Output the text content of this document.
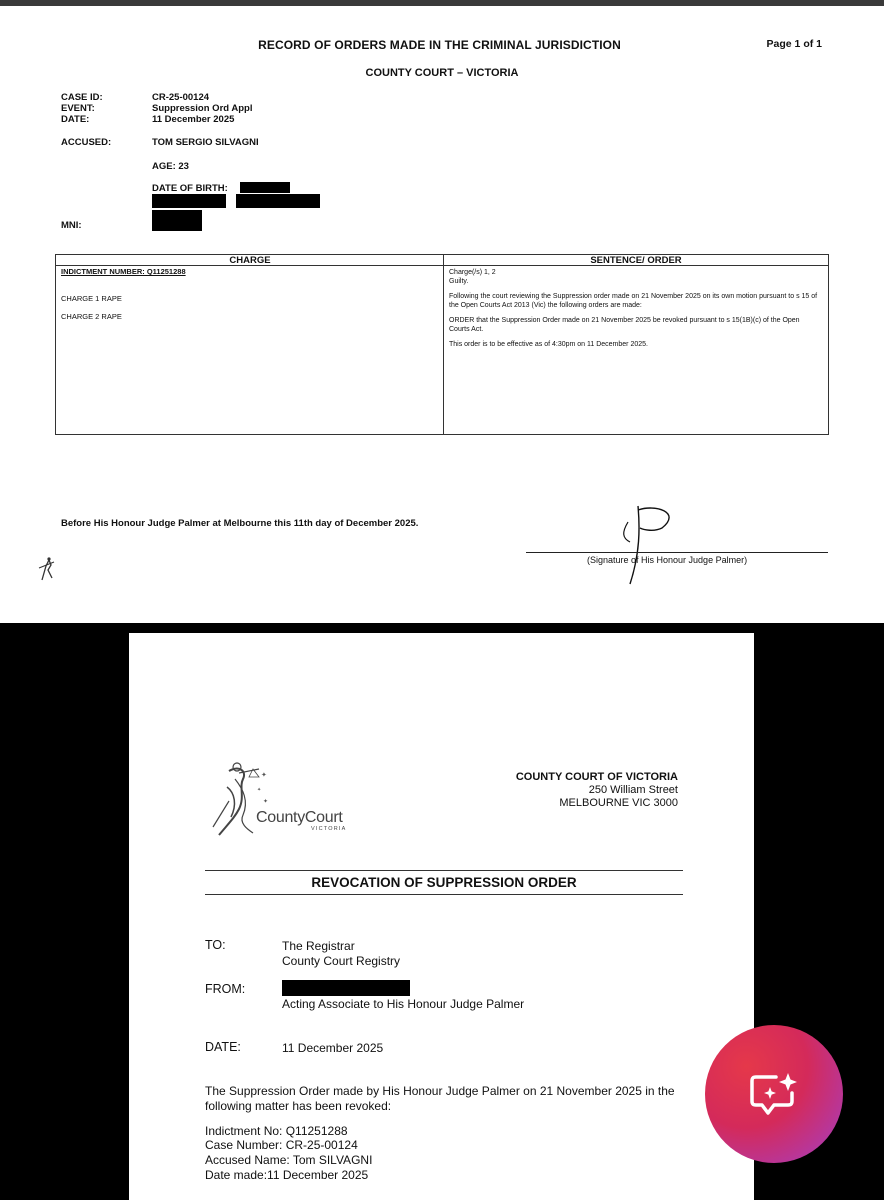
RECORD OF ORDERS MADE IN THE CRIMINAL JURISDICTION	Page 1 of 1
COUNTY COURT – VICTORIA
CASE ID:	CR-25-00124
EVENT:	Suppression Ord Appl
DATE:	11 December 2025
ACCUSED:	TOM SERGIO SILVAGNI
AGE: 23
DATE OF BIRTH:
MNI:
CHARGE	SENTENCE/ ORDER
INDICTMENT NUMBER: Q11251288
CHARGE 1 RAPE
CHARGE 2 RAPE
Charge(/s) 1, 2

Guilty.

Following the court reviewing the Suppression order made on 21 November 2025 on its own motion pursuant to s 15 of the Open Courts Act 2013 (Vic) the following orders are made:

ORDER that the Suppression Order made on 21 November 2025 be revoked pursuant to s 15(1B)(c) of the Open Courts Act.

This order is to be effective as of 4:30pm on 11 December 2025.

Before His Honour Judge Palmer at Melbourne this 11th day of December 2025.
(Signature of His Honour Judge Palmer)
✦
✦
✦
CountyCourt
VICTORIA
COUNTY COURT OF VICTORIA
250 William Street
MELBOURNE VIC 3000
REVOCATION OF SUPPRESSION ORDER
TO:	The Registrar
County Court Registry
FROM:
Acting Associate to His Honour Judge Palmer
DATE:	11 December 2025
The Suppression Order made by His Honour Judge Palmer on 21 November 2025 in the following matter has been revoked:
Indictment No: Q11251288
Case Number: CR-25-00124
Accused Name: Tom SILVAGNI
Date made:11 December 2025
